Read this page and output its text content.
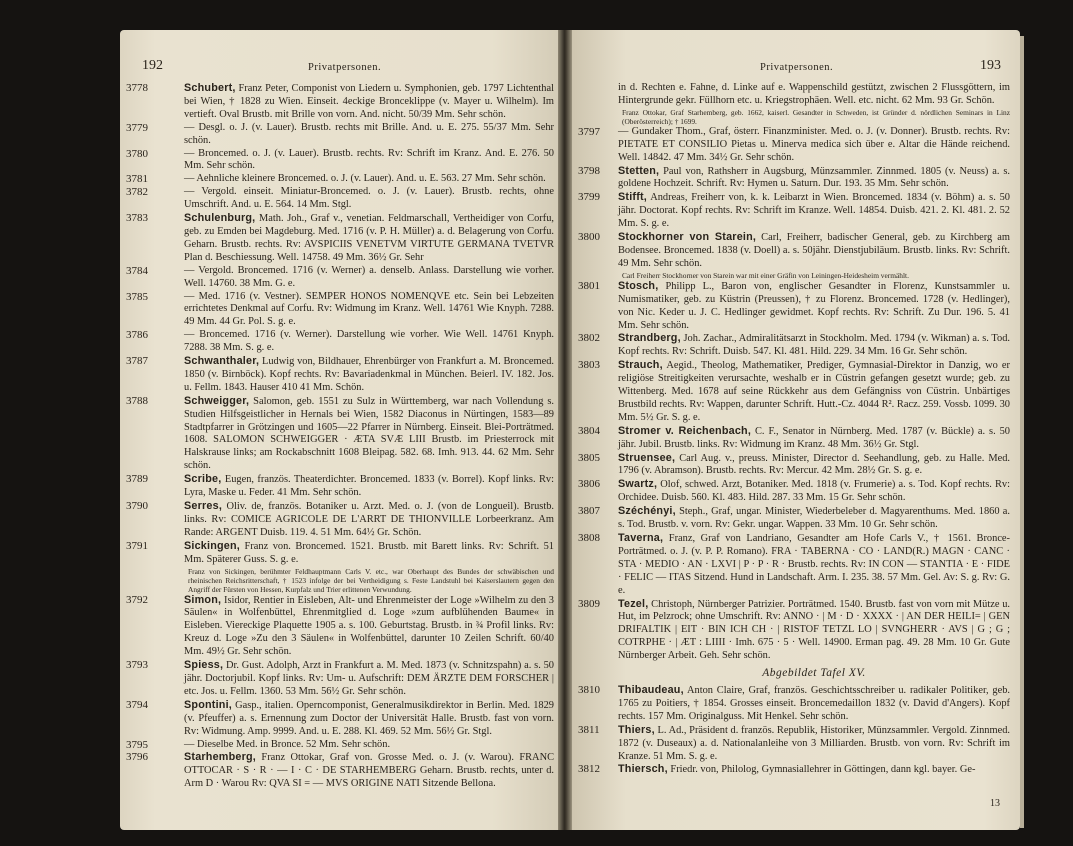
192	Privatpersonen.
3778	Schubert, Franz Peter, Componist von Liedern u. Symphonien, geb. 1797 Lichtenthal bei Wien, † 1828 zu Wien. Einseit. 4eckige Bronceklippe (v. Mayer u. Wilhelm). Im vertieft. Oval Brustb. mit Brille von vorn. And. nicht. 50/39 Mm. Sehr schön.
3779	— Desgl. o. J. (v. Lauer). Brustb. rechts mit Brille. And. u. E. 275. 55/37 Mm. Sehr schön.
3780	— Broncemed. o. J. (v. Lauer). Brustb. rechts. Rv: Schrift im Kranz. And. E. 276. 50 Mm. Sehr schön.
3781	— Aehnliche kleinere Broncemed. o. J. (v. Lauer). And. u. E. 563. 27 Mm. Sehr schön.
3782	— Vergold. einseit. Miniatur-Broncemed. o. J. (v. Lauer). Brustb. rechts, ohne Umschrift. And. u. E. 564. 14 Mm. Stgl.
3783	Schulenburg, Math. Joh., Graf v., venetian. Feldmarschall, Vertheidiger von Corfu, geb. zu Emden bei Magdeburg. Med. 1716 (v. P. H. Müller) a. d. Belagerung von Corfu. Geharn. Brustb. rechts. Rv: AVSPICIIS VENETVM VIRTUTE GERMANA TVETVR Plan d. Beschiessung. Well. 14758. 49 Mm. 36½ Gr. Sehr
3784	— Vergold. Broncemed. 1716 (v. Werner) a. denselb. Anlass. Darstellung wie vorher. Well. 14760. 38 Mm. G. e.
3785	— Med. 1716 (v. Vestner). SEMPER HONOS NOMENQVE etc. Sein bei Lebzeiten errichtetes Denkmal auf Corfu. Rv: Widmung im Kranz. Well. 14761 Wie Knyph. 7288. 49 Mm. 44 Gr. Pol. S. g. e.
3786	— Broncemed. 1716 (v. Werner). Darstellung wie vorher. Wie Well. 14761 Knyph. 7288. 38 Mm. S. g. e.
3787	Schwanthaler, Ludwig von, Bildhauer, Ehrenbürger von Frankfurt a. M. Broncemed. 1850 (v. Birnböck). Kopf rechts. Rv: Bavariadenkmal in München. Beierl. IV. 182. Jos. u. Fellm. 1843. Hauser 410 41 Mm. Schön.
3788	Schweigger, Salomon, geb. 1551 zu Sulz in Württemberg, war nach Vollendung s. Studien Hilfsgeistlicher in Hernals bei Wien, 1582 Diaconus in Nürtingen, 1583—89 Stadtpfarrer in Grötzingen und 1605—22 Pfarrer in Nürnberg. Einseit. Blei-Porträtmed. 1608. SALOMON SCHWEIGGER · ÆTA SVÆ LIII Brustb. im Priesterrock mit Halskrause links; am Rockabschnitt 1608 Bleipag. 582. 68. Imh. 913. 44. 62 Mm. Sehr schön.
3789	Scribe, Eugen, französ. Theaterdichter. Broncemed. 1833 (v. Borrel). Kopf links. Rv: Lyra, Maske u. Feder. 41 Mm. Sehr schön.
3790	Serres, Oliv. de, französ. Botaniker u. Arzt. Med. o. J. (von de Longueil). Brustb. links. Rv: COMICE AGRICOLE DE L'ARRT DE THIONVILLE Lorbeerkranz. Am Rande: ARGENT Duisb. 119. 4. 51 Mm. 64½ Gr. Schön.
3791	Sickingen, Franz von. Broncemed. 1521. Brustb. mit Barett links. Rv: Schrift. 51 Mm. Späterer Guss. S. g. e.
Franz von Sickingen, berühmter Feldhauptmann Carls V. etc., war Oberhaupt des Bundes der schwäbischen und rheinischen Reichsritterschaft, † 1523 infolge der bei Vertheidigung s. Feste Landstuhl bei Kaiserslautern gegen den Angriff der Fürsten von Hessen, Kurpfalz und Trier erlittenen Verwundung.
3792	Simon, Isidor, Rentier in Eisleben, Alt- und Ehrenmeister der Loge »Wilhelm zu den 3 Säulen« in Wolfenbüttel, Ehrenmitglied d. Loge »zum aufblühenden Baume« in Eisleben. Viereckige Plaquette 1905 a. s. 100. Geburtstag. Brustb. in ¾ Profil links. Rv: Kreuz d. Loge »Zu den 3 Säulen« in Wolfenbüttel, darunter 10 Zeilen Schrift. 60/40 Mm. 49½ Gr. Sehr schön.
3793	Spiess, Dr. Gust. Adolph, Arzt in Frankfurt a. M. Med. 1873 (v. Schnitzspahn) a. s. 50 jähr. Doctorjubil. Kopf links. Rv: Um- u. Aufschrift: DEM ÄRZTE DEM FORSCHER | etc. Jos. u. Fellm. 1360. 53 Mm. 56½ Gr. Sehr schön.
3794	Spontini, Gasp., italien. Operncomponist, Generalmusikdirektor in Berlin. Med. 1829 (v. Pfeuffer) a. s. Ernennung zum Doctor der Universität Halle. Brustb. fast von vorn. Rv: Widmung. Amp. 9999. And. u. E. 288. Kl. 469. 52 Mm. 56½ Gr. Stgl.
3795	— Dieselbe Med. in Bronce. 52 Mm. Sehr schön.
3796	Starhemberg, Franz Ottokar, Graf von. Grosse Med. o. J. (v. Warou). FRANC OTTOCAR · S · R · — I · C · DE STARHEMBERG Geharn. Brustb. rechts, unter d. Arm D · Warou Rv: QVA SI = — MVS ORIGINE NATI Sitzende Bellona.
Privatpersonen.	193
in d. Rechten e. Fahne, d. Linke auf e. Wappenschild gestützt, zwischen 2 Flussgöttern, im Hintergrunde gekr. Füllhorn etc. u. Kriegstrophäen. Well. etc. nicht. 62 Mm. 93 Gr. Schön.
Franz Ottokar, Graf Starhemberg, geb. 1662, kaiserl. Gesandter in Schweden, ist Gründer d. nördlichen Seminars in Linz (Oberösterreich); † 1699.
3797	— Gundaker Thom., Graf, österr. Finanzminister. Med. o. J. (v. Donner). Brustb. rechts. Rv: PIETATE ET CONSILIO Pietas u. Minerva medica sich über e. Altar die Hände reichend. Well. 14842. 47 Mm. 34½ Gr. Sehr schön.
3798	Stetten, Paul von, Rathsherr in Augsburg, Münzsammler. Zinnmed. 1805 (v. Neuss) a. s. goldene Hochzeit. Schrift. Rv: Hymen u. Saturn. Dur. 193. 35 Mm. Sehr schön.
3799	Stifft, Andreas, Freiherr von, k. k. Leibarzt in Wien. Broncemed. 1834 (v. Böhm) a. s. 50 jähr. Doctorat. Kopf rechts. Rv: Schrift im Kranze. Well. 14854. Duisb. 421. 2. Kl. 481. 2. 52 Mm. S. g. e.
3800	Stockhorner von Starein, Carl, Freiherr, badischer General, geb. zu Kirchberg am Bodensee. Broncemed. 1838 (v. Doell) a. s. 50jähr. Dienstjubiläum. Brustb. links. Rv: Schrift. 49 Mm. Sehr schön.
Carl Freiherr Stockhorner von Starein war mit einer Gräfin von Leiningen-Heidesheim vermählt.
3801	Stosch, Philipp L., Baron von, englischer Gesandter in Florenz, Kunstsammler u. Numismatiker, geb. zu Küstrin (Preussen), † zu Florenz. Broncemed. 1728 (v. Hedlinger), von Nic. Keder u. J. C. Hedlinger gewidmet. Kopf rechts. Rv: Schrift. Zu Dur. 196. 5. 41 Mm. Sehr schön.
3802	Strandberg, Joh. Zachar., Admiralitätsarzt in Stockholm. Med. 1794 (v. Wikman) a. s. Tod. Kopf rechts. Rv: Schrift. Duisb. 547. Kl. 481. Hild. 229. 34 Mm. 16 Gr. Sehr schön.
3803	Strauch, Aegid., Theolog, Mathematiker, Prediger, Gymnasial-Direktor in Danzig, wo er religiöse Streitigkeiten verursachte, weshalb er in Cüstrin gefangen gesetzt wurde; geb. zu Wittenberg. Med. 1678 auf seine Rückkehr aus dem Gefängniss von Cüstrin. Unbärtiges Brustbild rechts. Rv: Wappen, darunter Schrift. Hutt.-Cz. 4044 R². Racz. 259. Vossb. 1099. 30 Mm. 5½ Gr. S. g. e.
3804	Stromer v. Reichenbach, C. F., Senator in Nürnberg. Med. 1787 (v. Bückle) a. s. 50 jähr. Jubil. Brustb. links. Rv: Widmung im Kranz. 48 Mm. 36½ Gr. Stgl.
3805	Struensee, Carl Aug. v., preuss. Minister, Director d. Seehandlung, geb. zu Halle. Med. 1796 (v. Abramson). Brustb. rechts. Rv: Mercur. 42 Mm. 28½ Gr. S. g. e.
3806	Swartz, Olof, schwed. Arzt, Botaniker. Med. 1818 (v. Frumerie) a. s. Tod. Kopf rechts. Rv: Orchidee. Duisb. 560. Kl. 483. Hild. 287. 33 Mm. 15 Gr. Sehr schön.
3807	Széchényi, Steph., Graf, ungar. Minister, Wiederbeleber d. Magyarenthums. Med. 1860 a. s. Tod. Brustb. v. vorn. Rv: Gekr. ungar. Wappen. 33 Mm. 10 Gr. Sehr schön.
3808	Taverna, Franz, Graf von Landriano, Gesandter am Hofe Carls V., † 1561. Bronce-Porträtmed. o. J. (v. P. P. Romano). FRA · TABERNA · CO · LAND(R.) MAGN · CANC · STA · MEDIO · AN · LXVI | P · P · R · Brustb. rechts. Rv: IN CON — STANTIA · E · FIDE · FELIC — ITAS Sitzend. Hund in Landschaft. Arm. I. 235. 38. 57 Mm. Gel. Av: S. g. Rv: G. e.
3809	Tezel, Christoph, Nürnberger Patrizier. Porträtmed. 1540. Brustb. fast von vorn mit Mütze u. Hut, im Pelzrock; ohne Umschrift. Rv: ANNO · | M · D · XXXX · | AN DER HEILI= | GEN DRIFALTIK | EIT · BIN ICH CH · | RISTOF TETZL LO | SVNGHERR · AVS | G ; G ; COTRPHE · | ÆT : LIIII · Imh. 675 · 5 · Well. 14900. Erman pag. 49. 28 Mm. 10 Gr. Gute Nürnberger Arbeit. Geh. Sehr schön.
Abgebildet Tafel XV.
3810	Thibaudeau, Anton Claire, Graf, französ. Geschichtsschreiber u. radikaler Politiker, geb. 1765 zu Poitiers, † 1854. Grosses einseit. Broncemedaillon 1832 (v. David d'Angers). Kopf rechts. 157 Mm. Originalguss. Mit Henkel. Sehr schön.
3811	Thiers, L. Ad., Präsident d. französ. Republik, Historiker, Münzsammler. Vergold. Zinnmed. 1872 (v. Duseaux) a. d. Nationalanleihe von 3 Milliarden. Brustb. von vorn. Rv: Schrift im Kranze. 51 Mm. S. g. e.
3812	Thiersch, Friedr. von, Philolog, Gymnasiallehrer in Göttingen, dann kgl. bayer. Ge-
13
